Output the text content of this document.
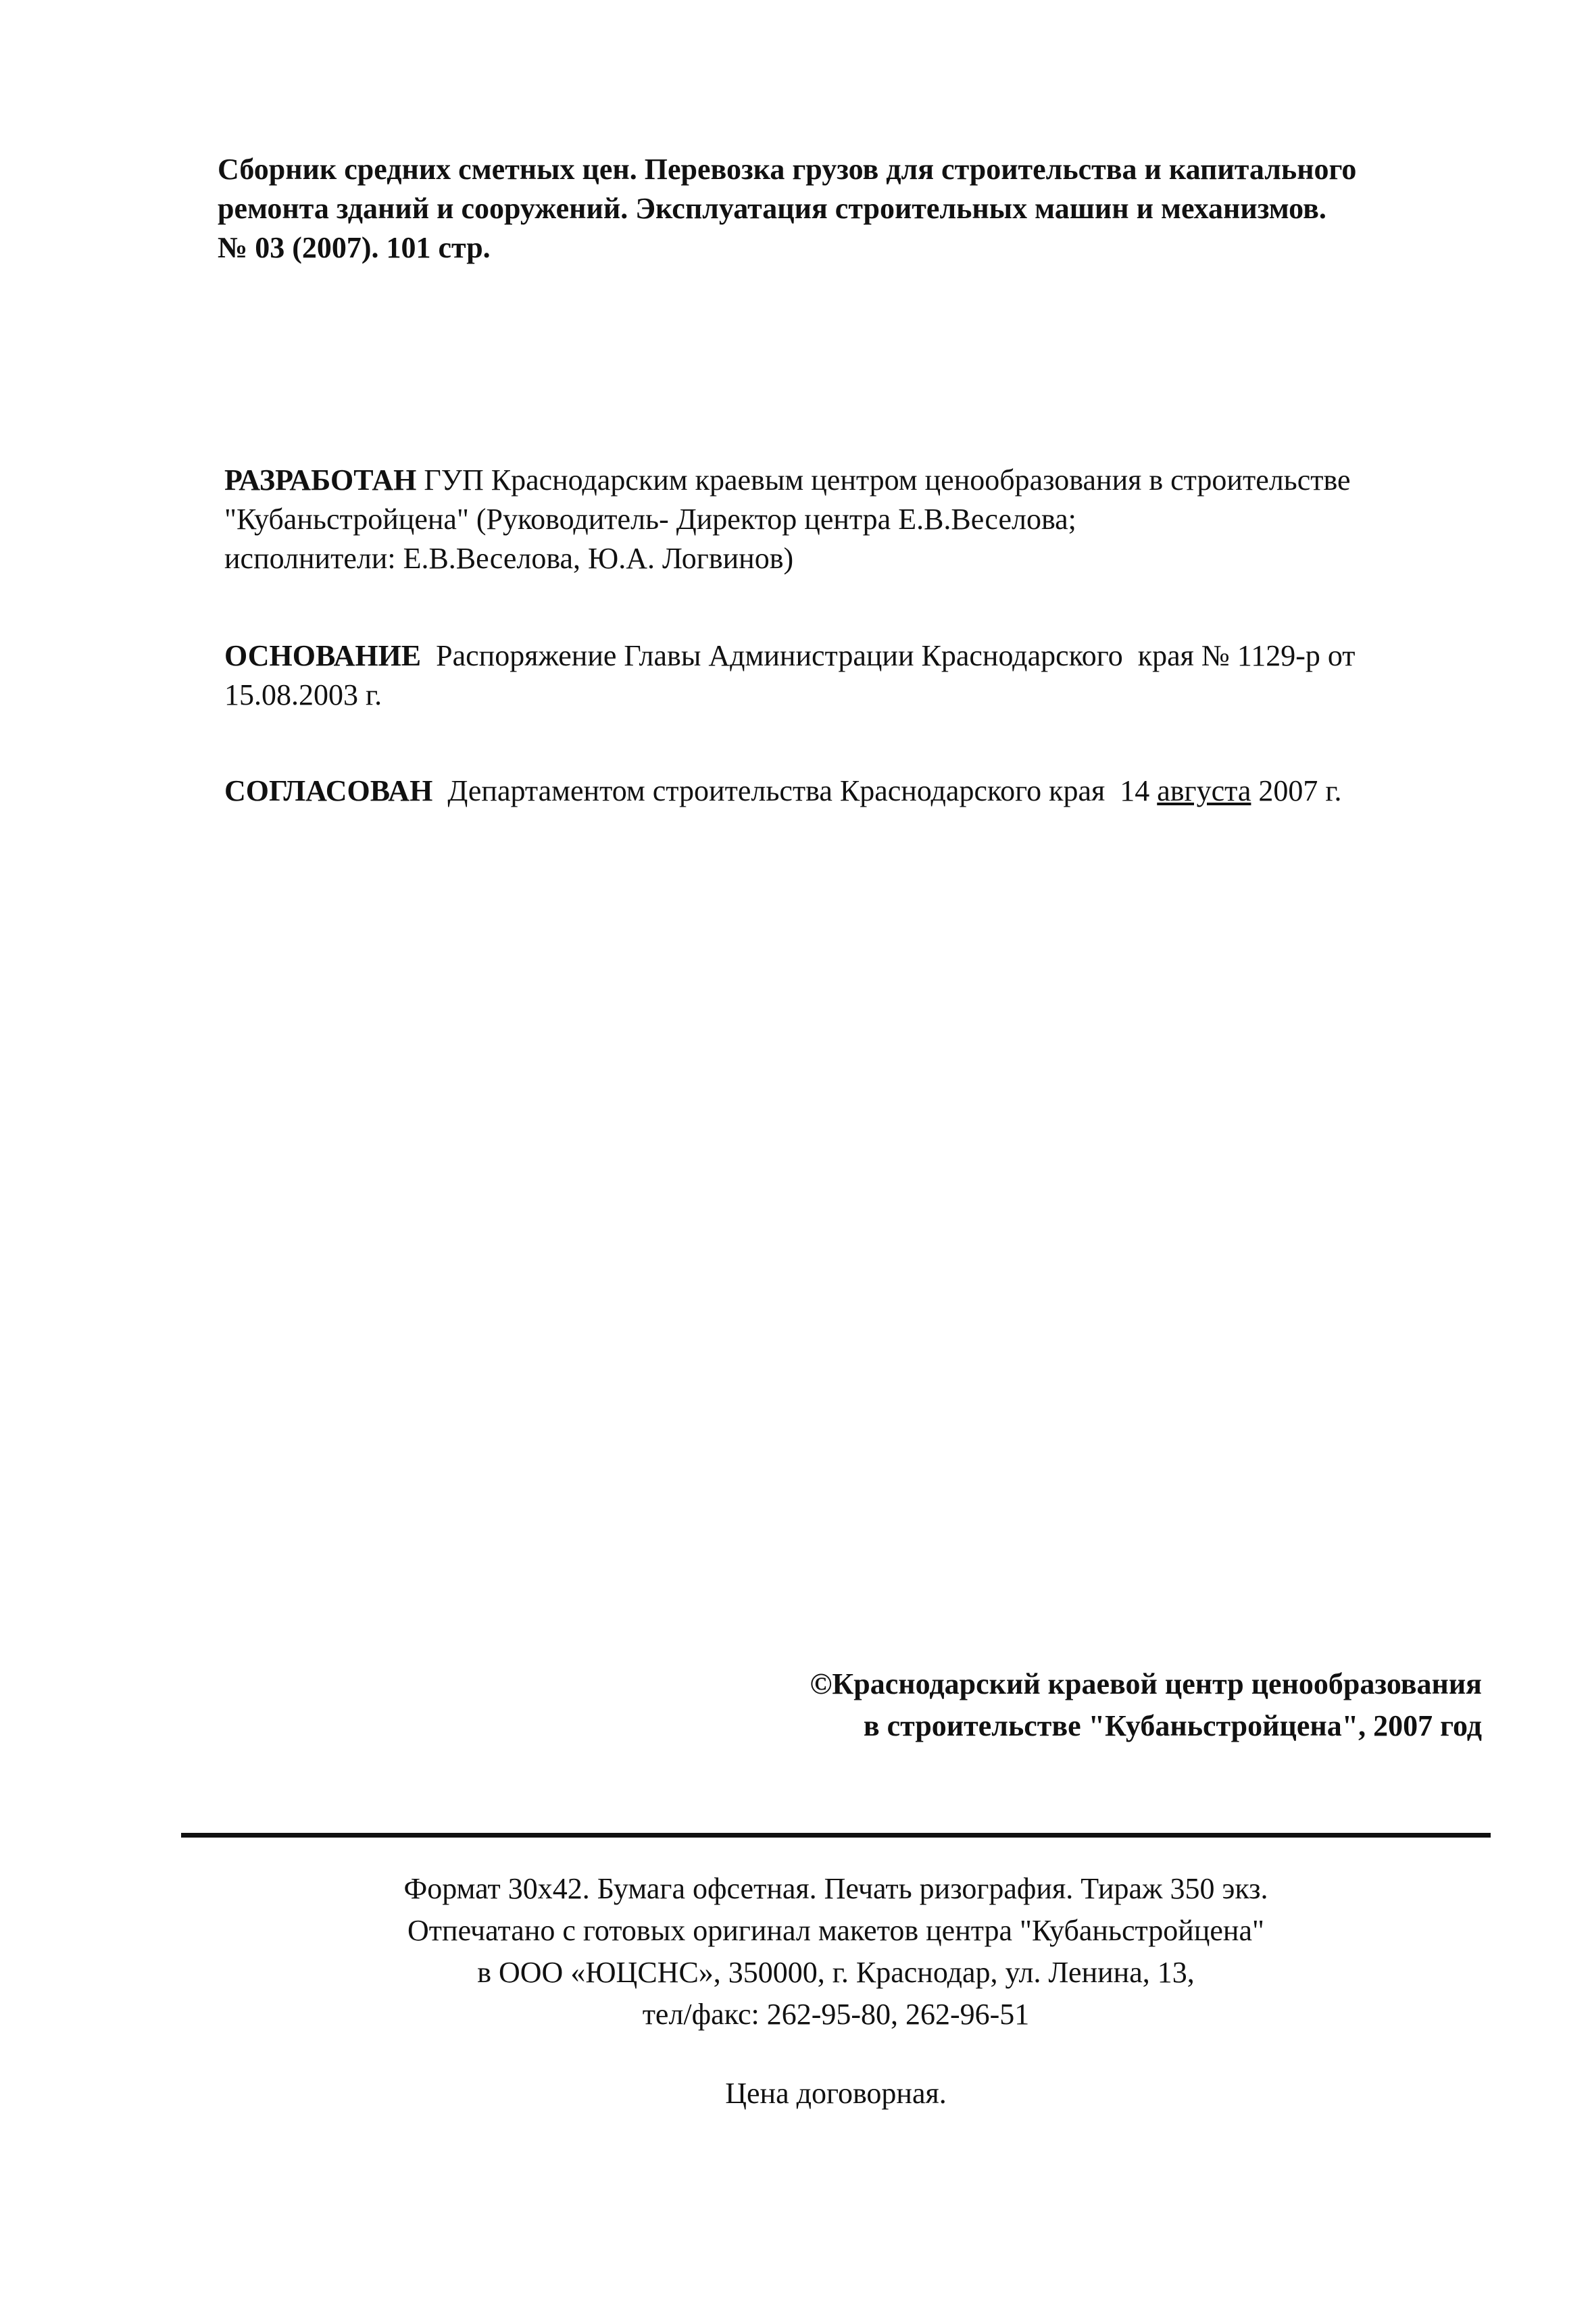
Сборник средних сметных цен. Перевозка грузов для строительства и капитального
ремонта зданий и сооружений. Эксплуатация строительных машин и механизмов.
№ 03 (2007). 101 стр.
РАЗРАБОТАН ГУП Краснодарским краевым центром ценообразования в строительстве
"Кубаньстройцена" (Руководитель- Директор центра Е.В.Веселова;
исполнители: Е.В.Веселова, Ю.А. Логвинов)
ОСНОВАНИЕ  Распоряжение Главы Администрации Краснодарского  края № 1129-р от
15.08.2003 г.
СОГЛАСОВАН  Департаментом строительства Краснодарского края  14 августа 2007 г.
©Краснодарский краевой центр ценообразования
в строительстве "Кубаньстройцена", 2007 год
Формат 30х42. Бумага офсетная. Печать ризография. Тираж 350 экз.
Отпечатано с готовых оригинал макетов центра "Кубаньстройцена"
в ООО «ЮЦСНС», 350000, г. Краснодар, ул. Ленина, 13,
тел/факс: 262-95-80, 262-96-51
Цена договорная.
